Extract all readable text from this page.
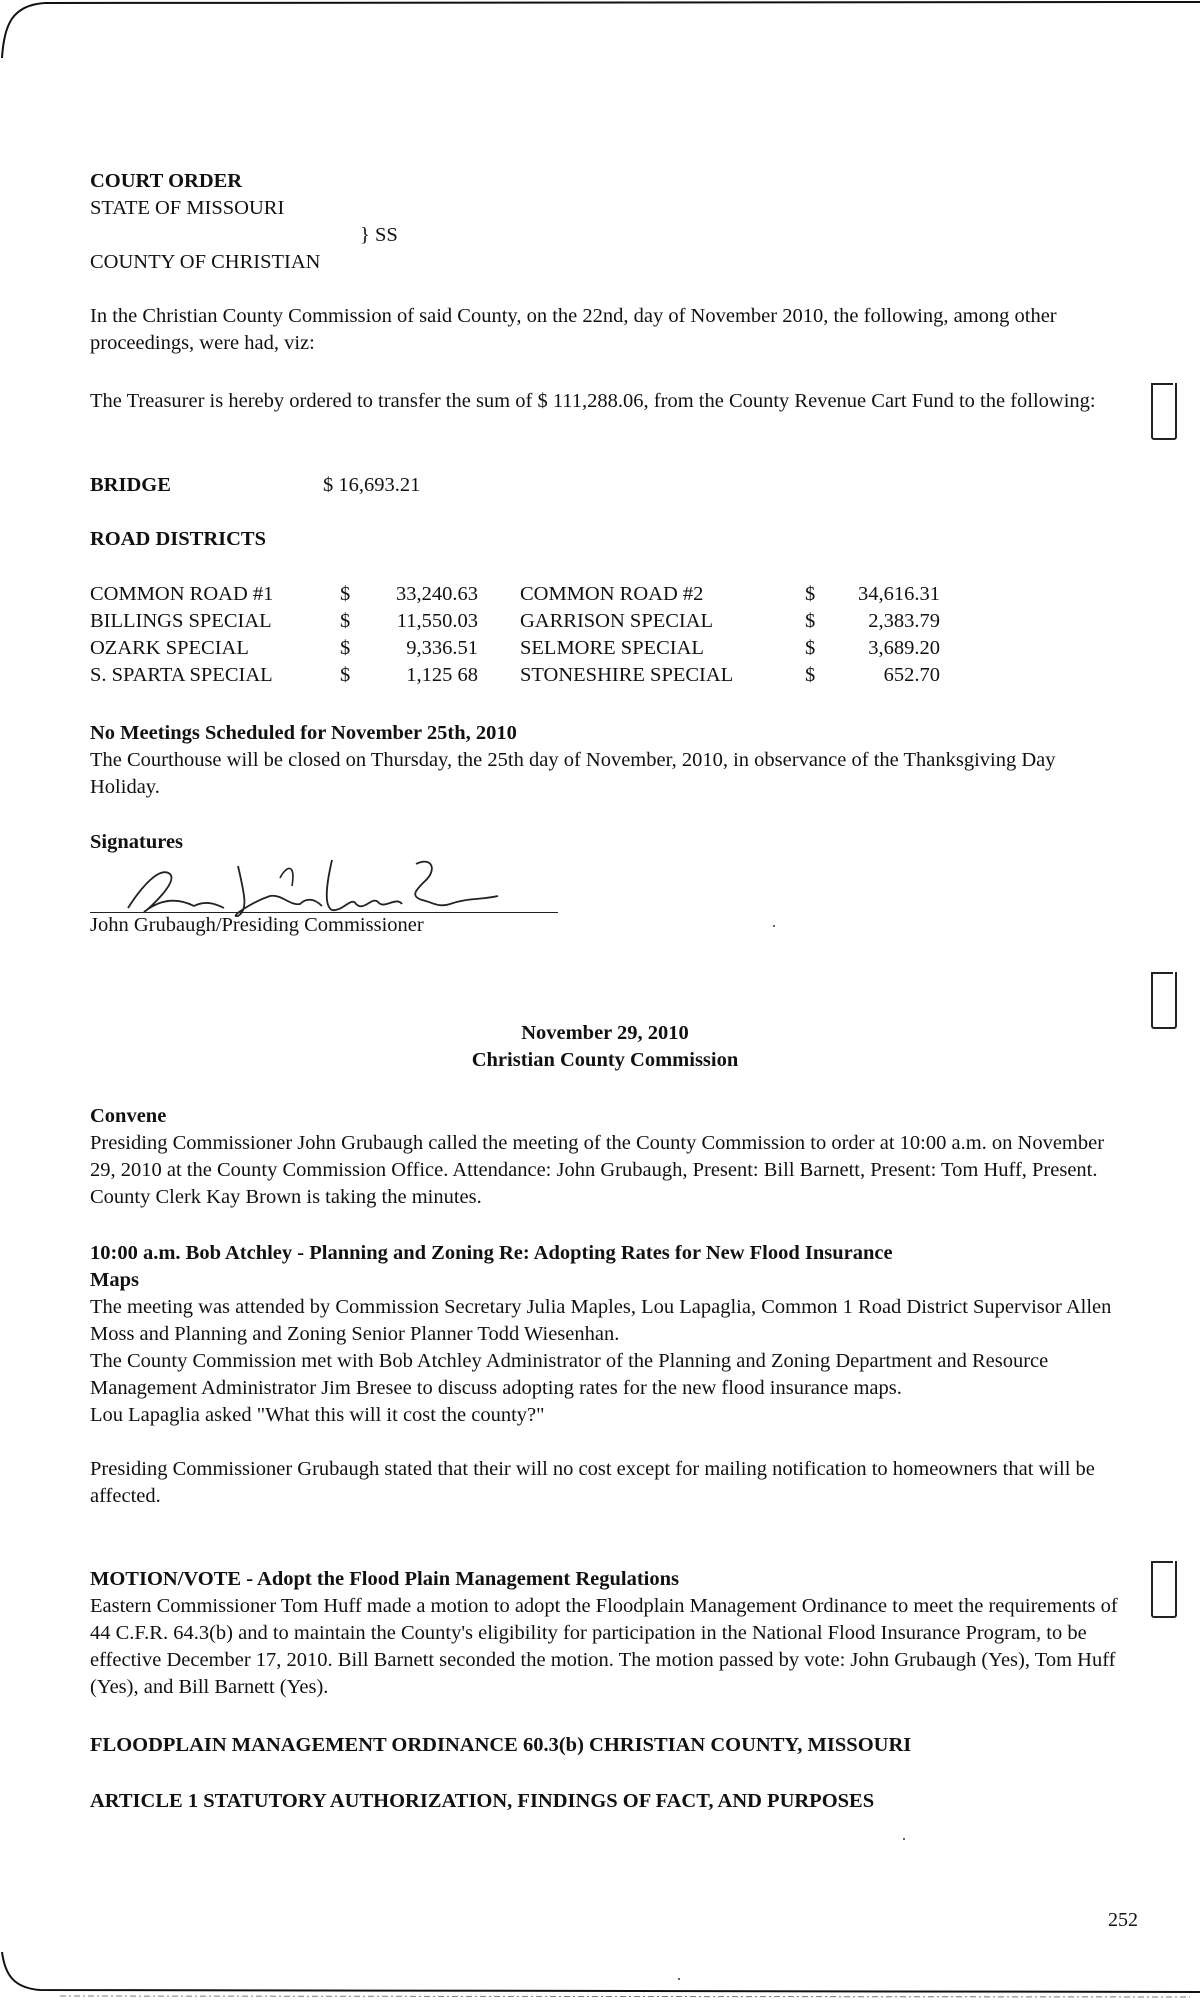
COURT ORDER

STATE OF MISSOURI

} SS

COUNTY OF CHRISTIAN

In the Christian County Commission of said County, on the 22nd, day of November 2010, the following, among other proceedings, were had, viz:

The Treasurer is hereby ordered to transfer the sum of $ 111,288.06, from the County Revenue Cart Fund to the following:

BRIDGE	$ 16,693.21
ROAD DISTRICTS
COMMON ROAD #1	$	33,240.63	COMMON ROAD #2	$	34,616.31
BILLINGS SPECIAL	$	11,550.03	GARRISON SPECIAL	$	2,383.79
OZARK SPECIAL	$	9,336.51	SELMORE SPECIAL	$	3,689.20
S. SPARTA SPECIAL	$	1,125 68	STONESHIRE SPECIAL	$	652.70

No Meetings Scheduled for November 25th, 2010

The Courthouse will be closed on Thursday, the 25th day of November, 2010, in observance of the Thanksgiving Day Holiday.

Signatures

John Grubaugh/Presiding Commissioner

November 29, 2010

Christian County Commission

Convene

Presiding Commissioner John Grubaugh called the meeting of the County Commission to order at 10:00 a.m. on November 29, 2010 at the County Commission Office. Attendance: John Grubaugh, Present: Bill Barnett, Present: Tom Huff, Present. County Clerk Kay Brown is taking the minutes.

10:00 a.m. Bob Atchley - Planning and Zoning Re: Adopting Rates for New Flood Insurance Maps

The meeting was attended by Commission Secretary Julia Maples, Lou Lapaglia, Common 1 Road District Supervisor Allen Moss and Planning and Zoning Senior Planner Todd Wiesenhan.

The County Commission met with Bob Atchley Administrator of the Planning and Zoning Department and Resource Management Administrator Jim Bresee to discuss adopting rates for the new flood insurance maps.

Lou Lapaglia asked "What this will it cost the county?"

Presiding Commissioner Grubaugh stated that their will no cost except for mailing notification to homeowners that will be affected.

MOTION/VOTE - Adopt the Flood Plain Management Regulations

Eastern Commissioner Tom Huff made a motion to adopt the Floodplain Management Ordinance to meet the requirements of 44 C.F.R. 64.3(b) and to maintain the County's eligibility for participation in the National Flood Insurance Program, to be effective December 17, 2010. Bill Barnett seconded the motion. The motion passed by vote: John Grubaugh (Yes), Tom Huff (Yes), and Bill Barnett (Yes).

FLOODPLAIN MANAGEMENT ORDINANCE 60.3(b) CHRISTIAN COUNTY, MISSOURI
ARTICLE 1 STATUTORY AUTHORIZATION, FINDINGS OF FACT, AND PURPOSES
252
